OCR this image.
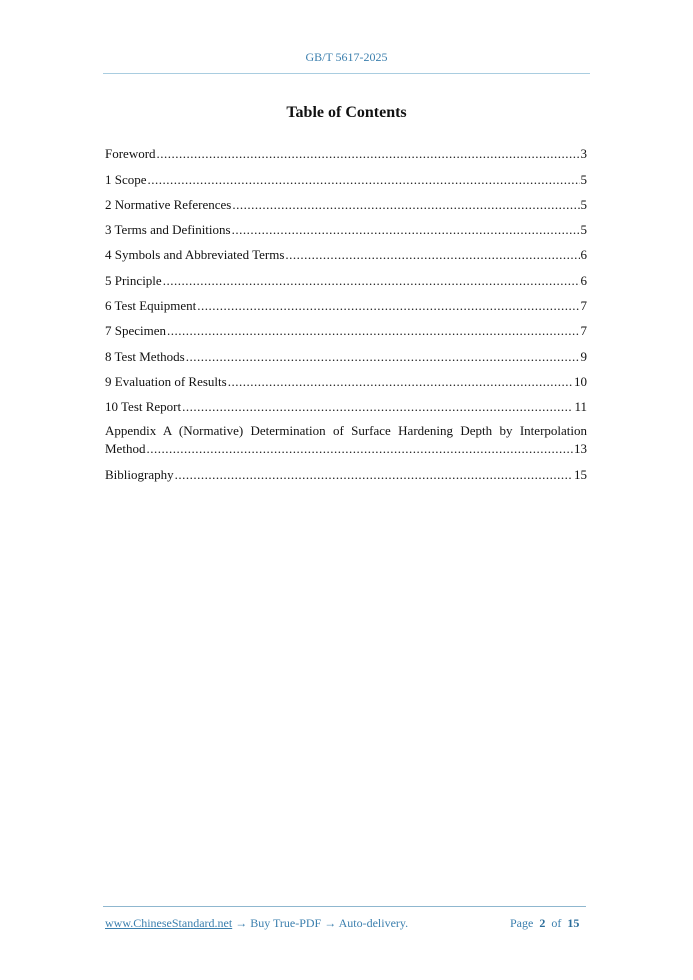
GB/T 5617-2025
Table of Contents
Foreword .....	3
1 Scope .....	5
2 Normative References .....	5
3 Terms and Definitions .....	5
4 Symbols and Abbreviated Terms .....	6
5 Principle .....	6
6 Test Equipment .....	7
7 Specimen .....	7
8 Test Methods .....	9
9 Evaluation of Results .....	10
10 Test Report .....	11
Appendix A (Normative) Determination of Surface Hardening Depth by Interpolation
Method .....	13
Bibliography .....	15
www.ChineseStandard.net → Buy True-PDF → Auto-delivery.	Page 2 of 15
